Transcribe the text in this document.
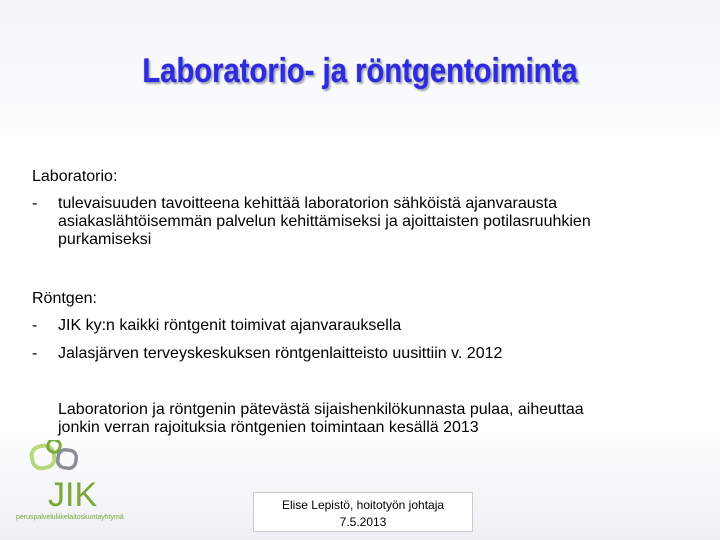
Laboratorio- ja röntgentoiminta
Laboratorio:
- tulevaisuuden tavoitteena kehittää laboratorion sähköistä ajanvarausta
asiakaslähtöisemmän palvelun kehittämiseksi ja ajoittaisten potilasruuhkien
purkamiseksi
Röntgen:
- JIK ky:n kaikki röntgenit toimivat ajanvarauksella
- Jalasjärven terveyskeskuksen röntgenlaitteisto uusittiin v. 2012
Laboratorion ja röntgenin pätevästä sijaishenkilökunnasta pulaa, aiheuttaa
jonkin verran rajoituksia röntgenien toimintaan kesällä 2013
JIK
peruspalveluliikelaitoskuntayhtymä
Elise Lepistö, hoitotyön johtaja
7.5.2013
